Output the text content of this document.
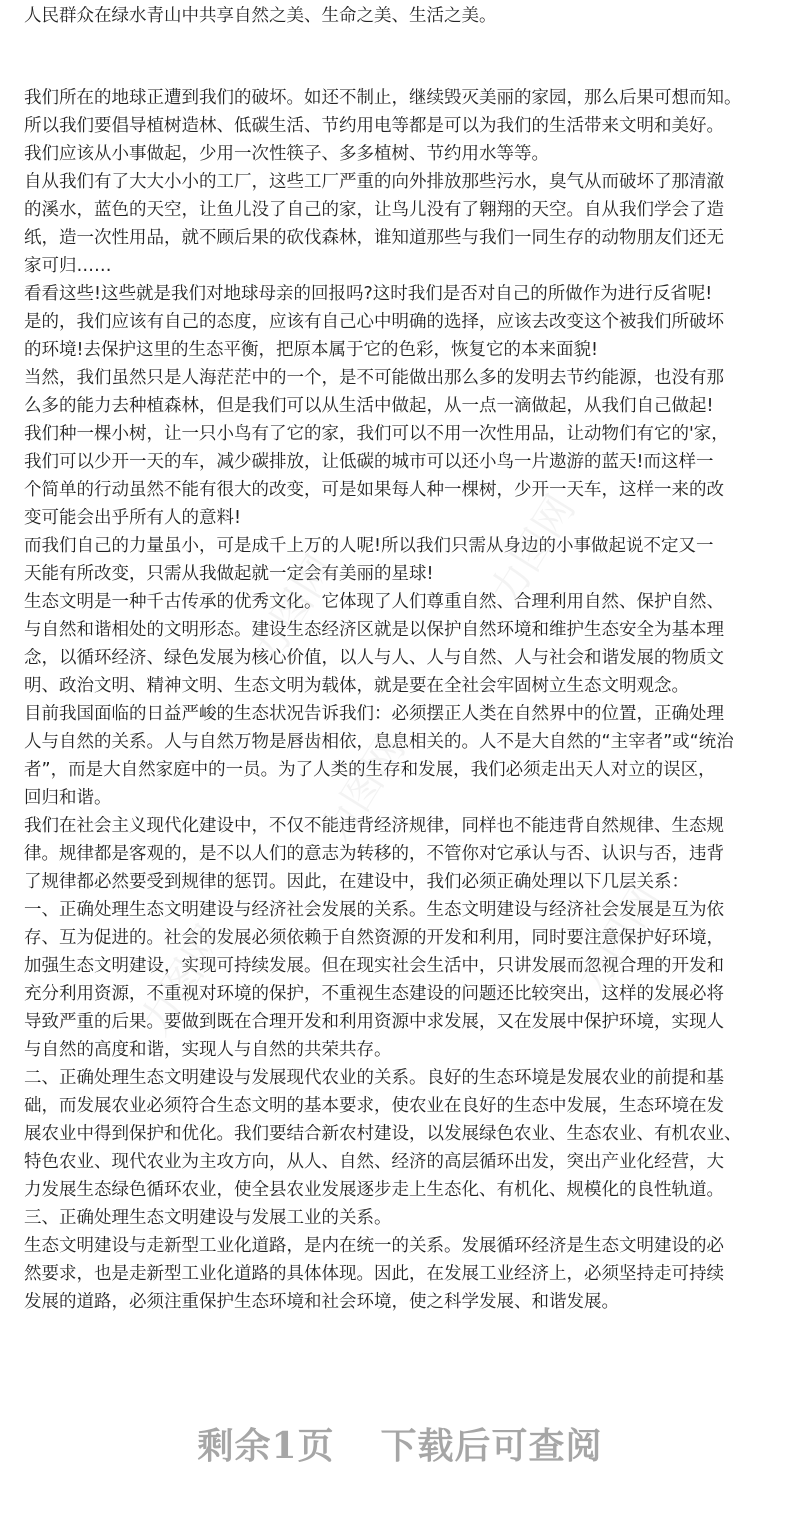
人民群众在绿水青山中共享自然之美、生命之美、生活之美。
我们所在的地球正遭到我们的破坏。如还不制止，继续毁灭美丽的家园，那么后果可想而知。
所以我们要倡导植树造林、低碳生活、节约用电等都是可以为我们的生活带来文明和美好。
我们应该从小事做起，少用一次性筷子、多多植树、节约用水等等。
自从我们有了大大小小的工厂，这些工厂严重的向外排放那些污水，臭气从而破坏了那清澈
的溪水，蓝色的天空，让鱼儿没了自己的家，让鸟儿没有了翱翔的天空。自从我们学会了造
纸，造一次性用品，就不顾后果的砍伐森林，谁知道那些与我们一同生存的动物朋友们还无
家可归……
看看这些!这些就是我们对地球母亲的回报吗?这时我们是否对自己的所做作为进行反省呢!
是的，我们应该有自己的态度，应该有自己心中明确的选择，应该去改变这个被我们所破坏
的环境!去保护这里的生态平衡，把原本属于它的色彩，恢复它的本来面貌!
当然，我们虽然只是人海茫茫中的一个，是不可能做出那么多的发明去节约能源，也没有那
么多的能力去种植森林，但是我们可以从生活中做起，从一点一滴做起，从我们自己做起!
我们种一棵小树，让一只小鸟有了它的家，我们可以不用一次性用品，让动物们有它的'家，
我们可以少开一天的车，减少碳排放，让低碳的城市可以还小鸟一片遨游的蓝天!而这样一
个简单的行动虽然不能有很大的改变，可是如果每人种一棵树，少开一天车，这样一来的改
变可能会出乎所有人的意料!
而我们自己的力量虽小，可是成千上万的人呢!所以我们只需从身边的小事做起说不定又一
天能有所改变，只需从我做起就一定会有美丽的星球!
生态文明是一种千古传承的优秀文化。它体现了人们尊重自然、合理利用自然、保护自然、
与自然和谐相处的文明形态。建设生态经济区就是以保护自然环境和维护生态安全为基本理
念，以循环经济、绿色发展为核心价值，以人与人、人与自然、人与社会和谐发展的物质文
明、政治文明、精神文明、生态文明为载体，就是要在全社会牢固树立生态文明观念。
目前我国面临的日益严峻的生态状况告诉我们：必须摆正人类在自然界中的位置，正确处理
人与自然的关系。人与自然万物是唇齿相依，息息相关的。人不是大自然的“主宰者”或“统治
者”，而是大自然家庭中的一员。为了人类的生存和发展，我们必须走出天人对立的误区，
回归和谐。
我们在社会主义现代化建设中，不仅不能违背经济规律，同样也不能违背自然规律、生态规
律。规律都是客观的，是不以人们的意志为转移的，不管你对它承认与否、认识与否，违背
了规律都必然要受到规律的惩罚。因此，在建设中，我们必须正确处理以下几层关系：
一、正确处理生态文明建设与经济社会发展的关系。生态文明建设与经济社会发展是互为依
存、互为促进的。社会的发展必须依赖于自然资源的开发和利用，同时要注意保护好环境，
加强生态文明建设，实现可持续发展。但在现实社会生活中，只讲发展而忽视合理的开发和
充分利用资源，不重视对环境的保护，不重视生态建设的问题还比较突出，这样的发展必将
导致严重的后果。要做到既在合理开发和利用资源中求发展，又在发展中保护环境，实现人
与自然的高度和谐，实现人与自然的共荣共存。
二、正确处理生态文明建设与发展现代农业的关系。良好的生态环境是发展农业的前提和基
础，而发展农业必须符合生态文明的基本要求，使农业在良好的生态中发展，生态环境在发
展农业中得到保护和优化。我们要结合新农村建设，以发展绿色农业、生态农业、有机农业、
特色农业、现代农业为主攻方向，从人、自然、经济的高层循环出发，突出产业化经营，大
力发展生态绿色循环农业，使全县农业发展逐步走上生态化、有机化、规模化的良性轨道。
三、正确处理生态文明建设与发展工业的关系。
生态文明建设与走新型工业化道路，是内在统一的关系。发展循环经济是生态文明建设的必
然要求，也是走新型工业化道路的具体体现。因此，在发展工业经济上，必须坚持走可持续
发展的道路，必须注重保护生态环境和社会环境，使之科学发展、和谐发展。
力图网
力图网
力图网
力图网
力图网
剩余1页 下载后可查阅
